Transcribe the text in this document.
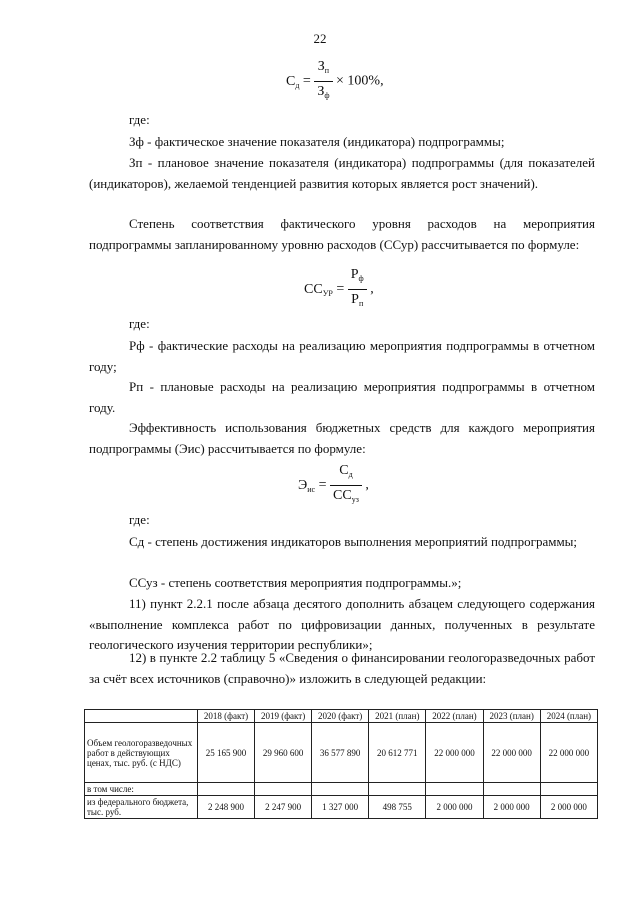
22
$С_д = \frac{З_п}{З_ф} \times 100\%$,
где:
Зф - фактическое значение показателя (индикатора) подпрограммы;
Зп - плановое значение показателя (индикатора) подпрограммы (для показателей (индикаторов), желаемой тенденцией развития которых является рост значений).
Степень соответствия фактического уровня расходов на мероприятия подпрограммы запланированному уровню расходов (ССур) рассчитывается по формуле:
$СС_{УР} = \frac{Р_ф}{Р_п}$ ,
где:
Рф - фактические расходы на реализацию мероприятия подпрограммы в отчетном году;
Рп - плановые расходы на реализацию мероприятия подпрограммы в отчетном году.
Эффективность использования бюджетных средств для каждого мероприятия подпрограммы (Эис) рассчитывается по формуле:
$Э_{ис} = \frac{С_д}{СС_{уз}}$ ,
где:
Сд - степень достижения индикаторов выполнения мероприятий подпрограммы;
ССуз - степень соответствия мероприятия подпрограммы.»;
11) пункт 2.2.1 после абзаца десятого дополнить абзацем следующего содержания «выполнение комплекса работ по цифровизации данных, полученных в результате геологического изучения территории республики»;
12) в пункте 2.2 таблицу 5 «Сведения о финансировании геологоразведочных работ за счёт всех источников (справочно)» изложить в следующей редакции:
	2018 (факт)	2019 (факт)	2020 (факт)	2021 (план)	2022 (план)	2023 (план)	2024 (план)
Объем геологоразведочных работ в действующих ценах, тыс. руб. (с НДС)	25 165 900	29 960 600	36 577 890	20 612 771	22 000 000	22 000 000	22 000 000
в том числе:							
из федерального бюджета, тыс. руб.	2 248 900	2 247 900	1 327 000	498 755	2 000 000	2 000 000	2 000 000
